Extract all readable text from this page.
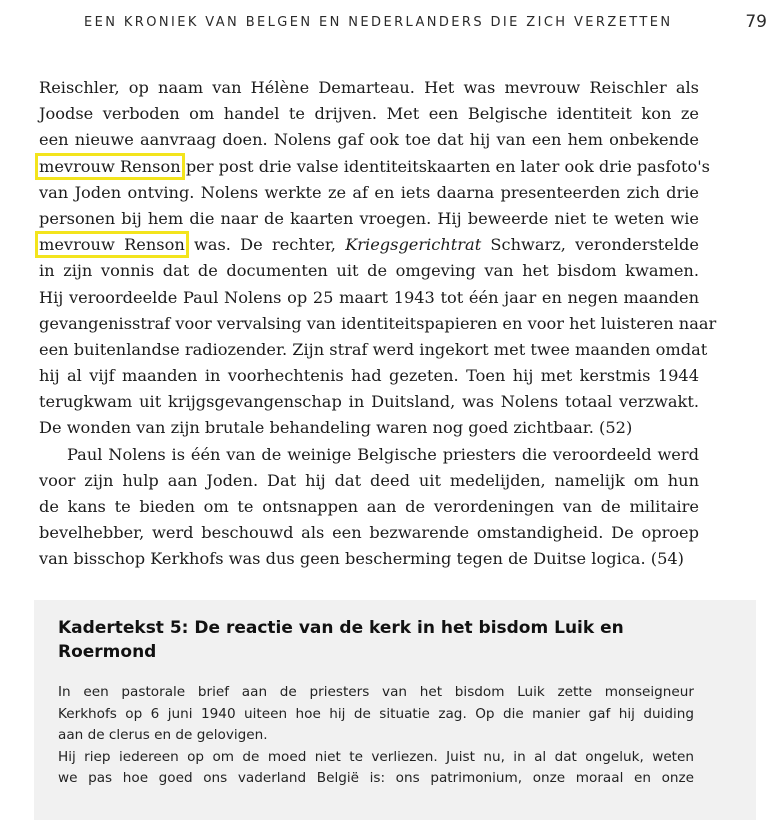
EEN KRONIEK VAN BELGEN EN NEDERLANDERS DIE ZICH VERZETTEN	79
Reischler, op naam van Hélène Demarteau. Het was mevrouw Reischler als
Joodse verboden om handel te drijven. Met een Belgische identiteit kon ze
een nieuwe aanvraag doen. Nolens gaf ook toe dat hij van een hem onbekende
mevrouw Renson per post drie valse identiteitskaarten en later ook drie pasfoto's
van Joden ontving. Nolens werkte ze af en iets daarna presenteerden zich drie
personen bij hem die naar de kaarten vroegen. Hij beweerde niet te weten wie
mevrouw Renson was. De rechter, Kriegsgerichtrat Schwarz, veronderstelde
in zijn vonnis dat de documenten uit de omgeving van het bisdom kwamen.
Hij veroordeelde Paul Nolens op 25 maart 1943 tot één jaar en negen maanden
gevangenisstraf voor vervalsing van identiteitspapieren en voor het luisteren naar
een buitenlandse radiozender. Zijn straf werd ingekort met twee maanden omdat
hij al vijf maanden in voorhechtenis had gezeten. Toen hij met kerstmis 1944
terugkwam uit krijgsgevangenschap in Duitsland, was Nolens totaal verzwakt.
De wonden van zijn brutale behandeling waren nog goed zichtbaar. (52)
Paul Nolens is één van de weinige Belgische priesters die veroordeeld werd
voor zijn hulp aan Joden. Dat hij dat deed uit medelijden, namelijk om hun
de kans te bieden om te ontsnappen aan de verordeningen van de militaire
bevelhebber, werd beschouwd als een bezwarende omstandigheid. De oproep
van bisschop Kerkhofs was dus geen bescherming tegen de Duitse logica. (54)
Kadertekst 5: De reactie van de kerk in het bisdom Luik en Roermond
In een pastorale brief aan de priesters van het bisdom Luik zette monseigneur
Kerkhofs op 6 juni 1940 uiteen hoe hij de situatie zag. Op die manier gaf hij duiding
aan de clerus en de gelovigen.
Hij riep iedereen op om de moed niet te verliezen. Juist nu, in al dat ongeluk, weten
we pas hoe goed ons vaderland België is: ons patrimonium, onze moraal en onze
